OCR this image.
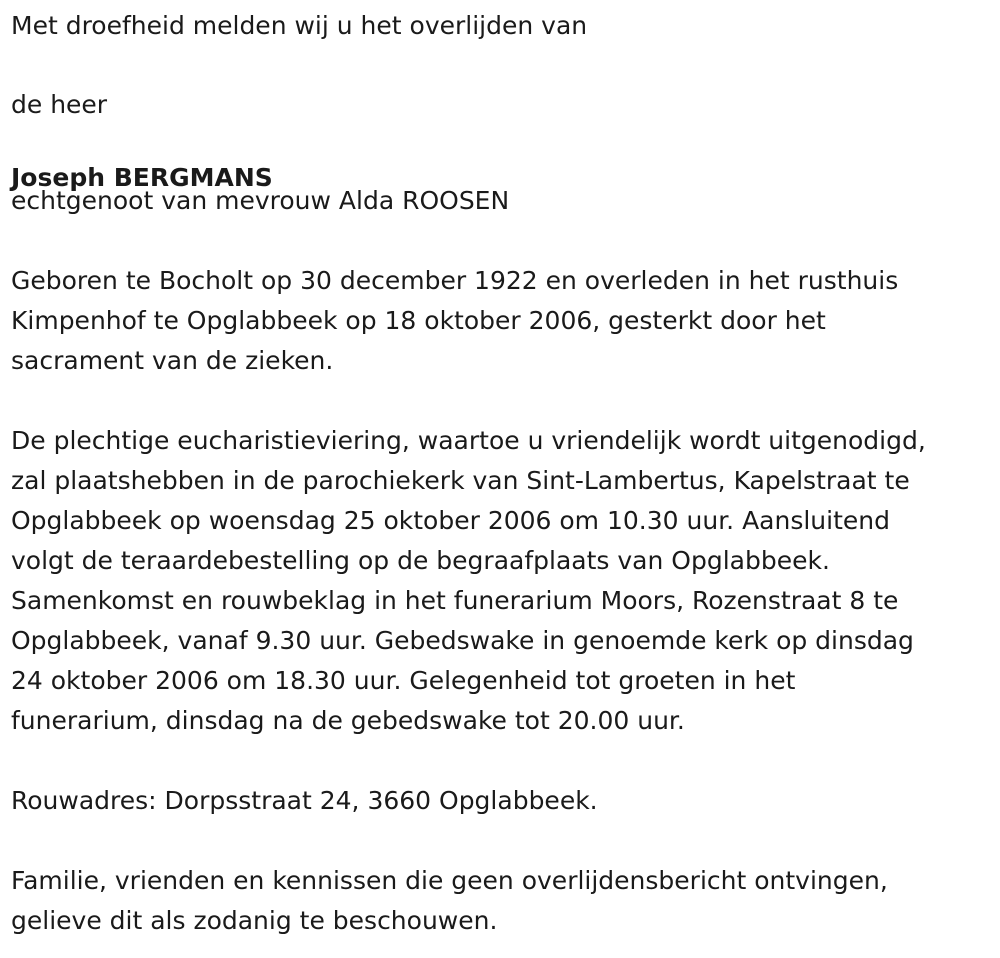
Met droefheid melden wij u het overlijden van

de heer

Joseph BERGMANS

echtgenoot van mevrouw Alda ROOSEN

Geboren te Bocholt op 30 december 1922 en overleden in het rusthuis

Kimpenhof te Opglabbeek op 18 oktober 2006, gesterkt door het

sacrament van de zieken.

De plechtige eucharistieviering, waartoe u vriendelijk wordt uitgenodigd,

zal plaatshebben in de parochiekerk van Sint-Lambertus, Kapelstraat te

Opglabbeek op woensdag 25 oktober 2006 om 10.30 uur. Aansluitend

volgt de teraardebestelling op de begraafplaats van Opglabbeek.

Samenkomst en rouwbeklag in het funerarium Moors, Rozenstraat 8 te

Opglabbeek, vanaf 9.30 uur. Gebedswake in genoemde kerk op dinsdag

24 oktober 2006 om 18.30 uur. Gelegenheid tot groeten in het

funerarium, dinsdag na de gebedswake tot 20.00 uur.

Rouwadres: Dorpsstraat 24, 3660 Opglabbeek.

Familie, vrienden en kennissen die geen overlijdensbericht ontvingen,

gelieve dit als zodanig te beschouwen.
